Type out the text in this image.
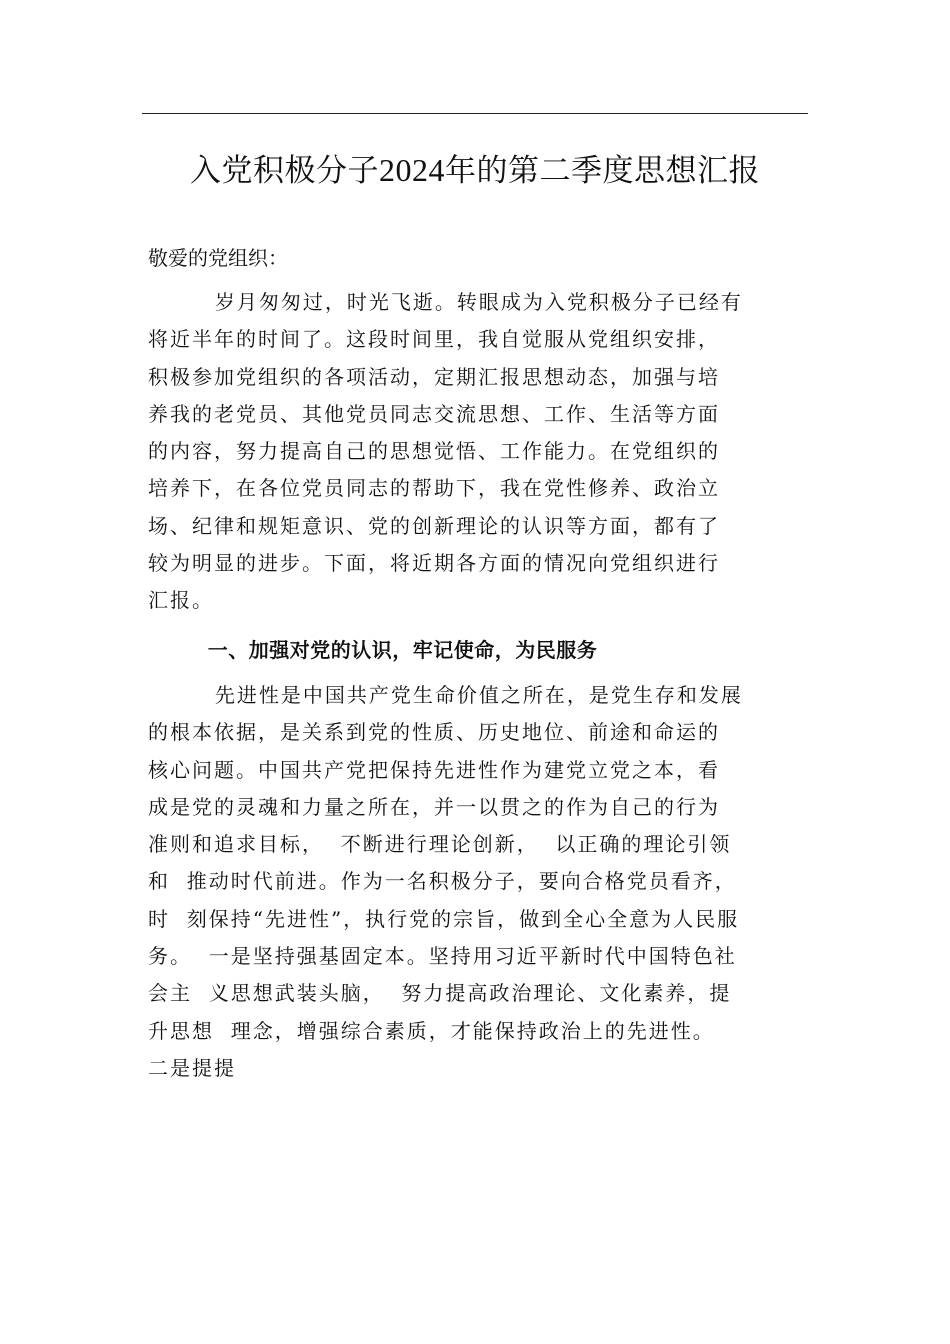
入党积极分子2024年的第二季度思想汇报
敬爱的党组织：
岁月匆匆过，时光飞逝。转眼成为入党积极分子已经有
将近半年的时间了。这段时间里，我自觉服从党组织安排，
积极参加党组织的各项活动，定期汇报思想动态，加强与培
养我的老党员、其他党员同志交流思想、工作、生活等方面
的内容，努力提高自己的思想觉悟、工作能力。在党组织的
培养下，在各位党员同志的帮助下，我在党性修养、政治立
场、纪律和规矩意识、党的创新理论的认识等方面，都有了
较为明显的进步。下面，将近期各方面的情况向党组织进行
汇报。
一、加强对党的认识，牢记使命，为民服务
先进性是中国共产党生命价值之所在，是党生存和发展
的根本依据，是关系到党的性质、历史地位、前途和命运的
核心问题。中国共产党把保持先进性作为建党立党之本，看
成是党的灵魂和力量之所在，并一以贯之的作为自己的行为
准则和追求目标，  不断进行理论创新，  以正确的理论引领
和  推动时代前进。作为一名积极分子，要向合格党员看齐，
时  刻保持“先进性”，执行党的宗旨，做到全心全意为人民服
务。  一是坚持强基固定本。坚持用习近平新时代中国特色社
会主  义思想武装头脑，  努力提高政治理论、文化素养，提
升思想  理念，增强综合素质，才能保持政治上的先进性。
二是提提
